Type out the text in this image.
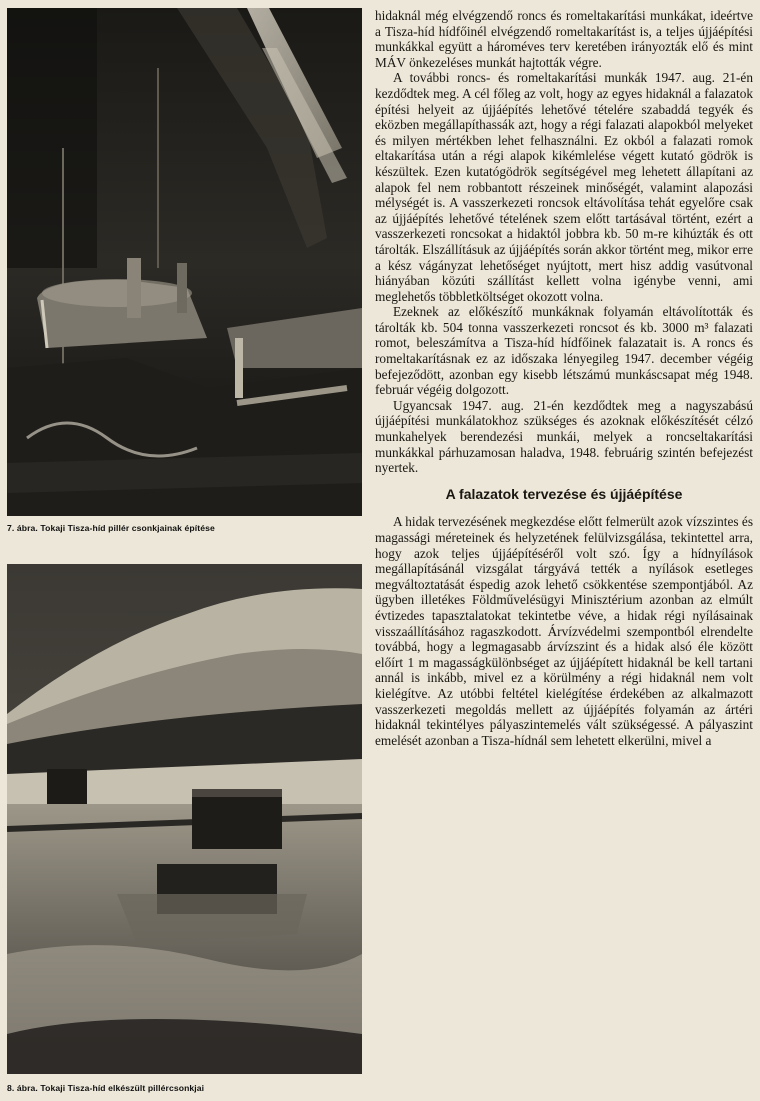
7. ábra. Tokaji Tisza-híd pillér csonkjainak építése
8. ábra. Tokaji Tisza-híd elkészült pillércsonkjai

hidaknál még elvégzendő roncs és romeltakarítási munkákat, ideértve a Tisza-híd hídfőinél elvégzendő romeltakarítást is, a teljes újjáépítési munkákkal együtt a hároméves terv keretében irányozták elő és mint MÁV önkezeléses munkát hajtották végre.

A további roncs- és romeltakarítási munkák 1947. aug. 21-én kezdődtek meg. A cél főleg az volt, hogy az egyes hidaknál a falazatok építési helyeit az újjáépítés lehetővé tételére szabaddá tegyék és eközben megállapíthassák azt, hogy a régi falazati alapokból melyeket és milyen mértékben lehet felhasználni. Ez okból a falazati romok eltakarítása után a régi alapok kikémlelése végett kutató gödrök is készültek. Ezen kutatógödrök segítségével meg lehetett állapítani az alapok fel nem robbantott részeinek minőségét, valamint alapozási mélységét is. A vasszerkezeti roncsok eltávolítása tehát egyelőre csak az újjáépítés lehetővé tételének szem előtt tartásával történt, ezért a vasszerkezeti roncsokat a hidaktól jobbra kb. 50 m-re kihúzták és ott tárolták. Elszállításuk az újjáépítés során akkor történt meg, mikor erre a kész vágányzat lehetőséget nyújtott, mert hisz addig vasútvonal hiányában közúti szállítást kellett volna igénybe venni, ami meglehetős többletköltséget okozott volna.

Ezeknek az előkészítő munkáknak folyamán eltávolították és tárolták kb. 504 tonna vasszerkezeti roncsot és kb. 3000 m³ falazati romot, beleszámítva a Tisza-híd hídfőinek falazatait is. A roncs és romeltakarításnak ez az időszaka lényegileg 1947. december végéig befejeződött, azonban egy kisebb létszámú munkáscsapat még 1948. február végéig dolgozott.

Ugyancsak 1947. aug. 21-én kezdődtek meg a nagyszabású újjáépítési munkálatokhoz szükséges és azoknak előkészítését célzó munkahelyek berendezési munkái, melyek a roncseltakarítási munkákkal párhuzamosan haladva, 1948. februárig szintén befejezést nyertek.

A falazatok tervezése és újjáépítése

A hidak tervezésének megkezdése előtt felmerült azok vízszintes és magassági méreteinek és helyzetének felülvizsgálása, tekintettel arra, hogy azok teljes újjáépítéséről volt szó. Így a hídnyílások megállapításánál vizsgálat tárgyává tették a nyílások esetleges megváltoztatását éspedig azok lehető csökkentése szempontjából. Az ügyben illetékes Földművelésügyi Minisztérium azonban az elmúlt évtizedes tapasztalatokat tekintetbe véve, a hidak régi nyílásainak visszaállításához ragaszkodott. Árvízvédelmi szempontból elrendelte továbbá, hogy a legmagasabb árvízszint és a hidak alsó éle között előírt 1 m magasságkülönbséget az újjáépített hidaknál be kell tartani annál is inkább, mivel ez a körülmény a régi hidaknál nem volt kielégítve. Az utóbbi feltétel kielégítése érdekében az alkalmazott vasszerkezeti megoldás mellett az újjáépítés folyamán az ártéri hidaknál tekintélyes pályaszintemelés vált szükségessé. A pályaszint emelését azonban a Tisza-hídnál sem lehetett elkerülni, mivel a
